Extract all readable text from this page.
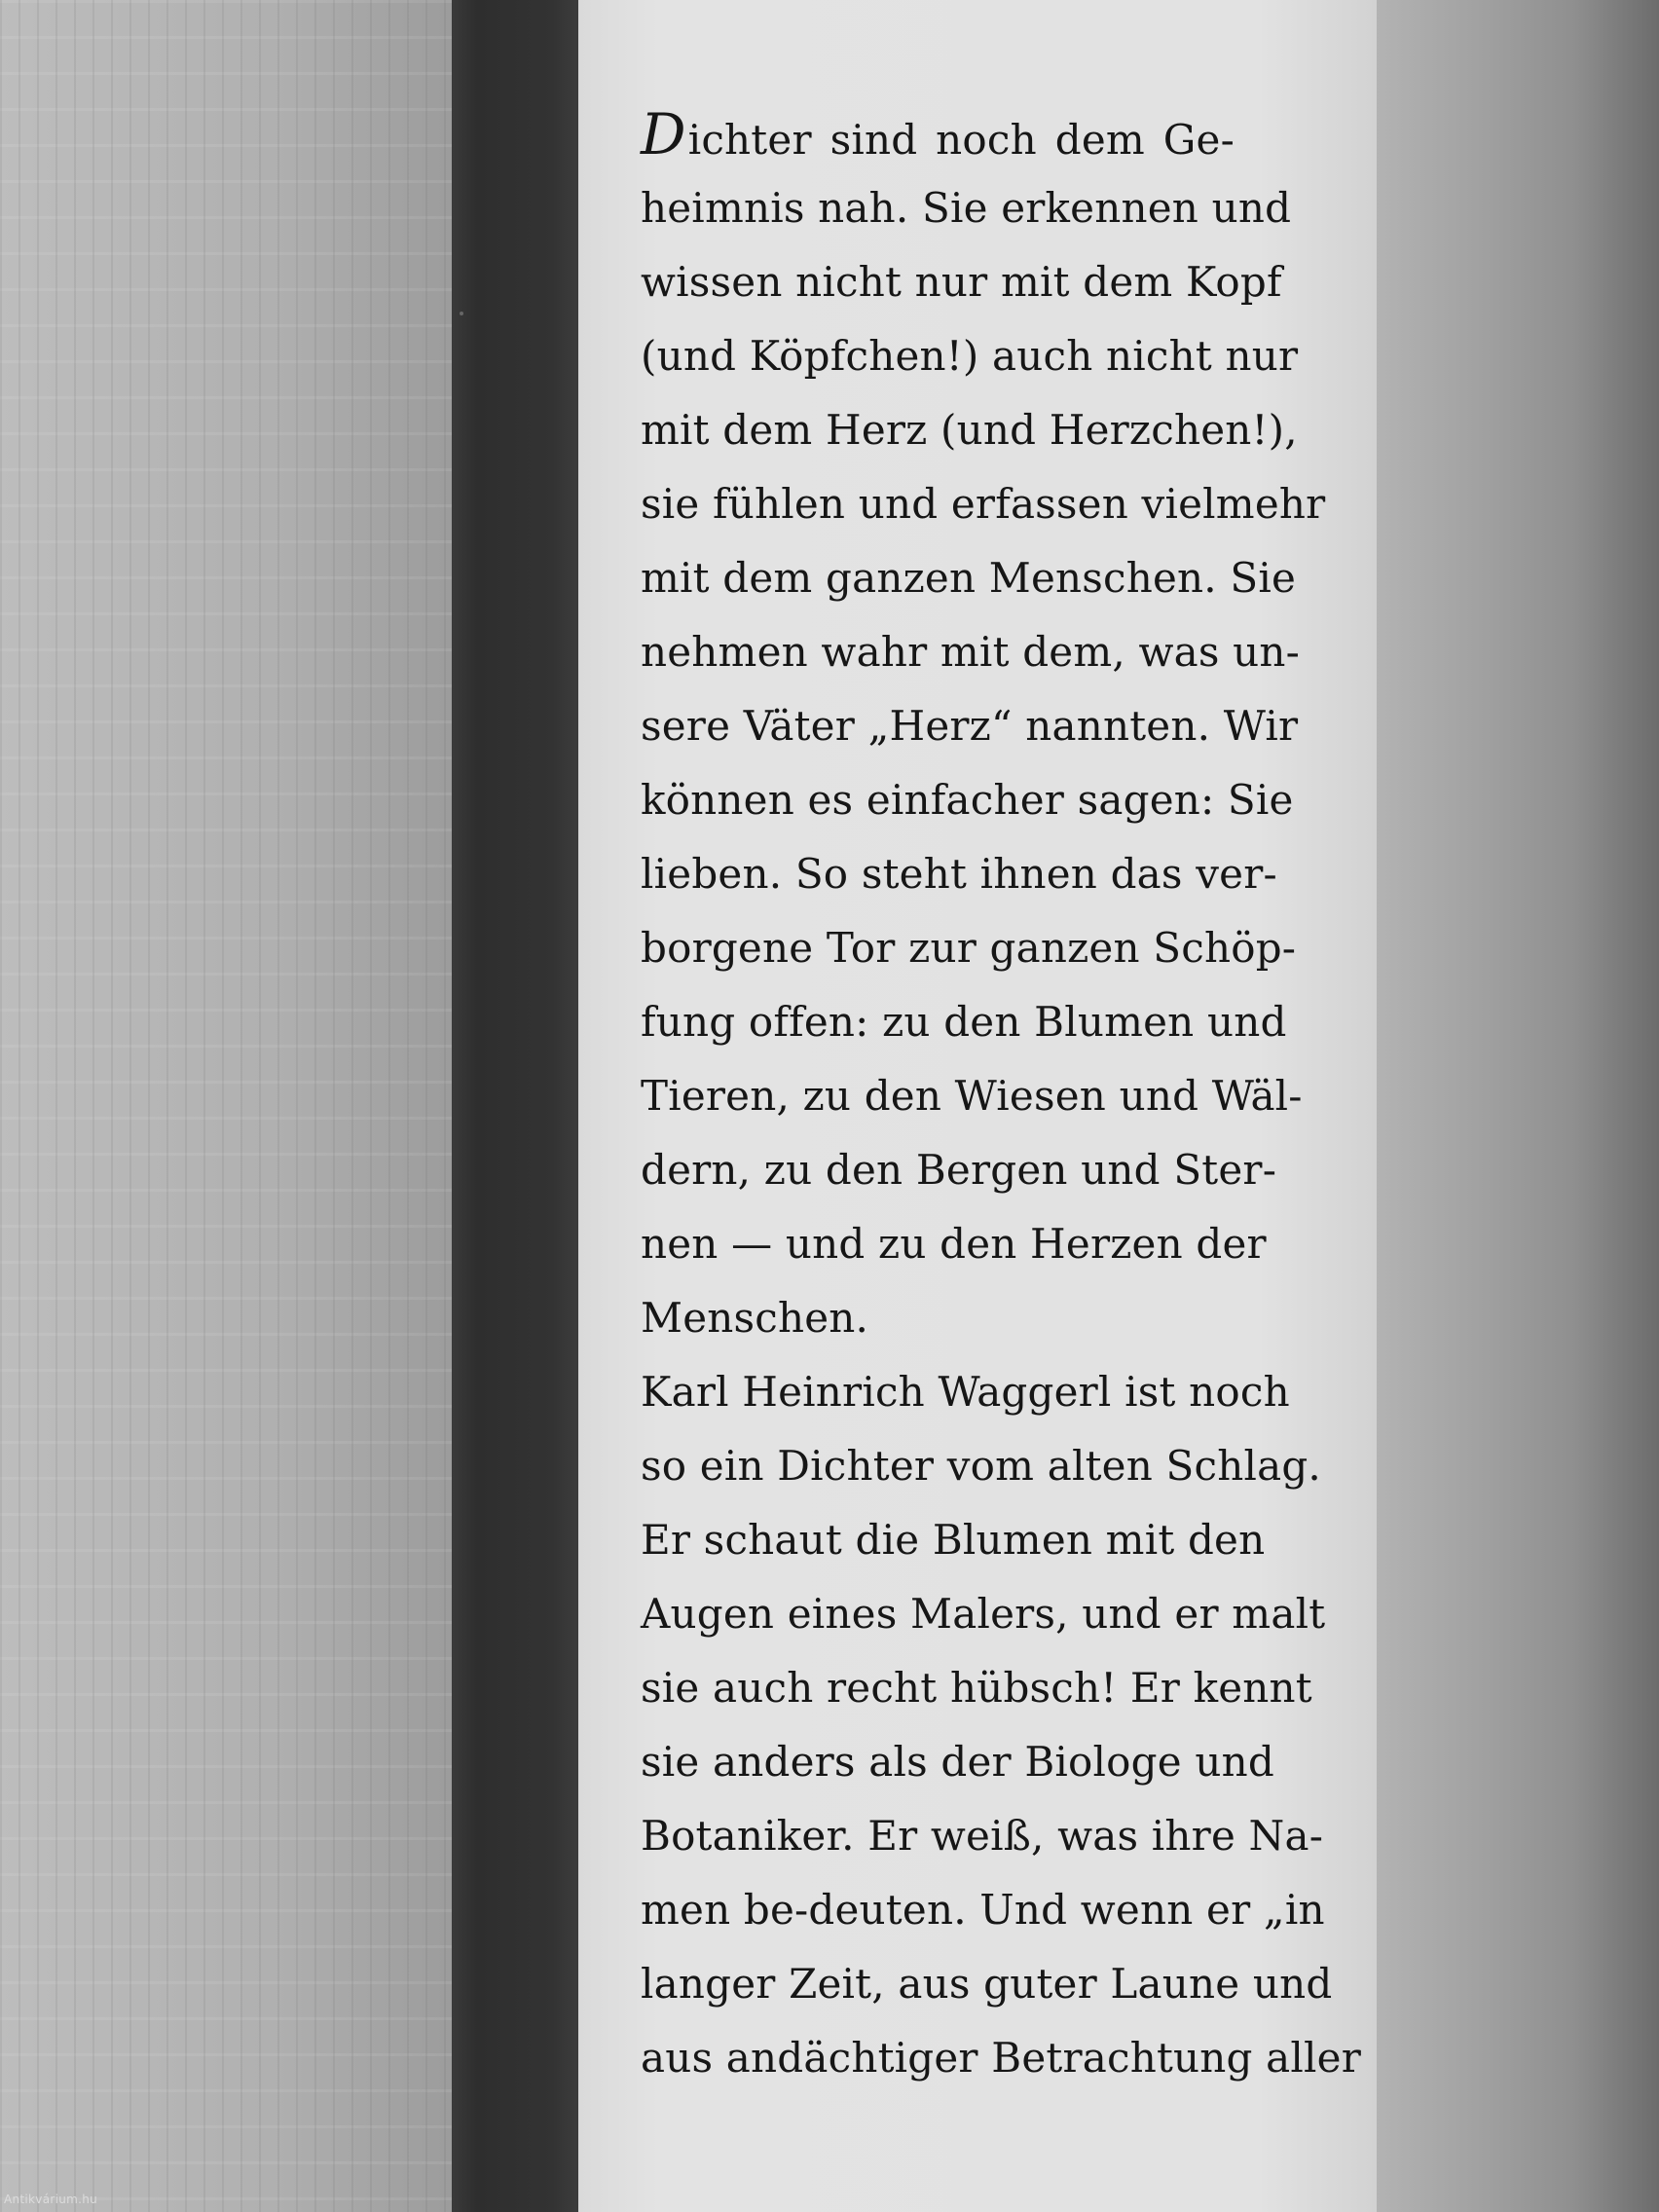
Dichter sind noch dem Ge-
heimnis nah. Sie erkennen und
wissen nicht nur mit dem Kopf
(und Köpfchen!) auch nicht nur
mit dem Herz (und Herzchen!),
sie fühlen und erfassen vielmehr
mit dem ganzen Menschen. Sie
nehmen wahr mit dem, was un-
sere Väter „Herz“ nannten. Wir
können es einfacher sagen: Sie
lieben. So steht ihnen das ver-
borgene Tor zur ganzen Schöp-
fung offen: zu den Blumen und
Tieren, zu den Wiesen und Wäl-
dern, zu den Bergen und Ster-
nen — und zu den Herzen der
Menschen.
Karl Heinrich Waggerl ist noch
so ein Dichter vom alten Schlag.
Er schaut die Blumen mit den
Augen eines Malers, und er malt
sie auch recht hübsch! Er kennt
sie anders als der Biologe und
Botaniker. Er weiß, was ihre Na-
men be-deuten. Und wenn er „in
langer Zeit, aus guter Laune und
aus andächtiger Betrachtung aller
Antikvárium.hu
